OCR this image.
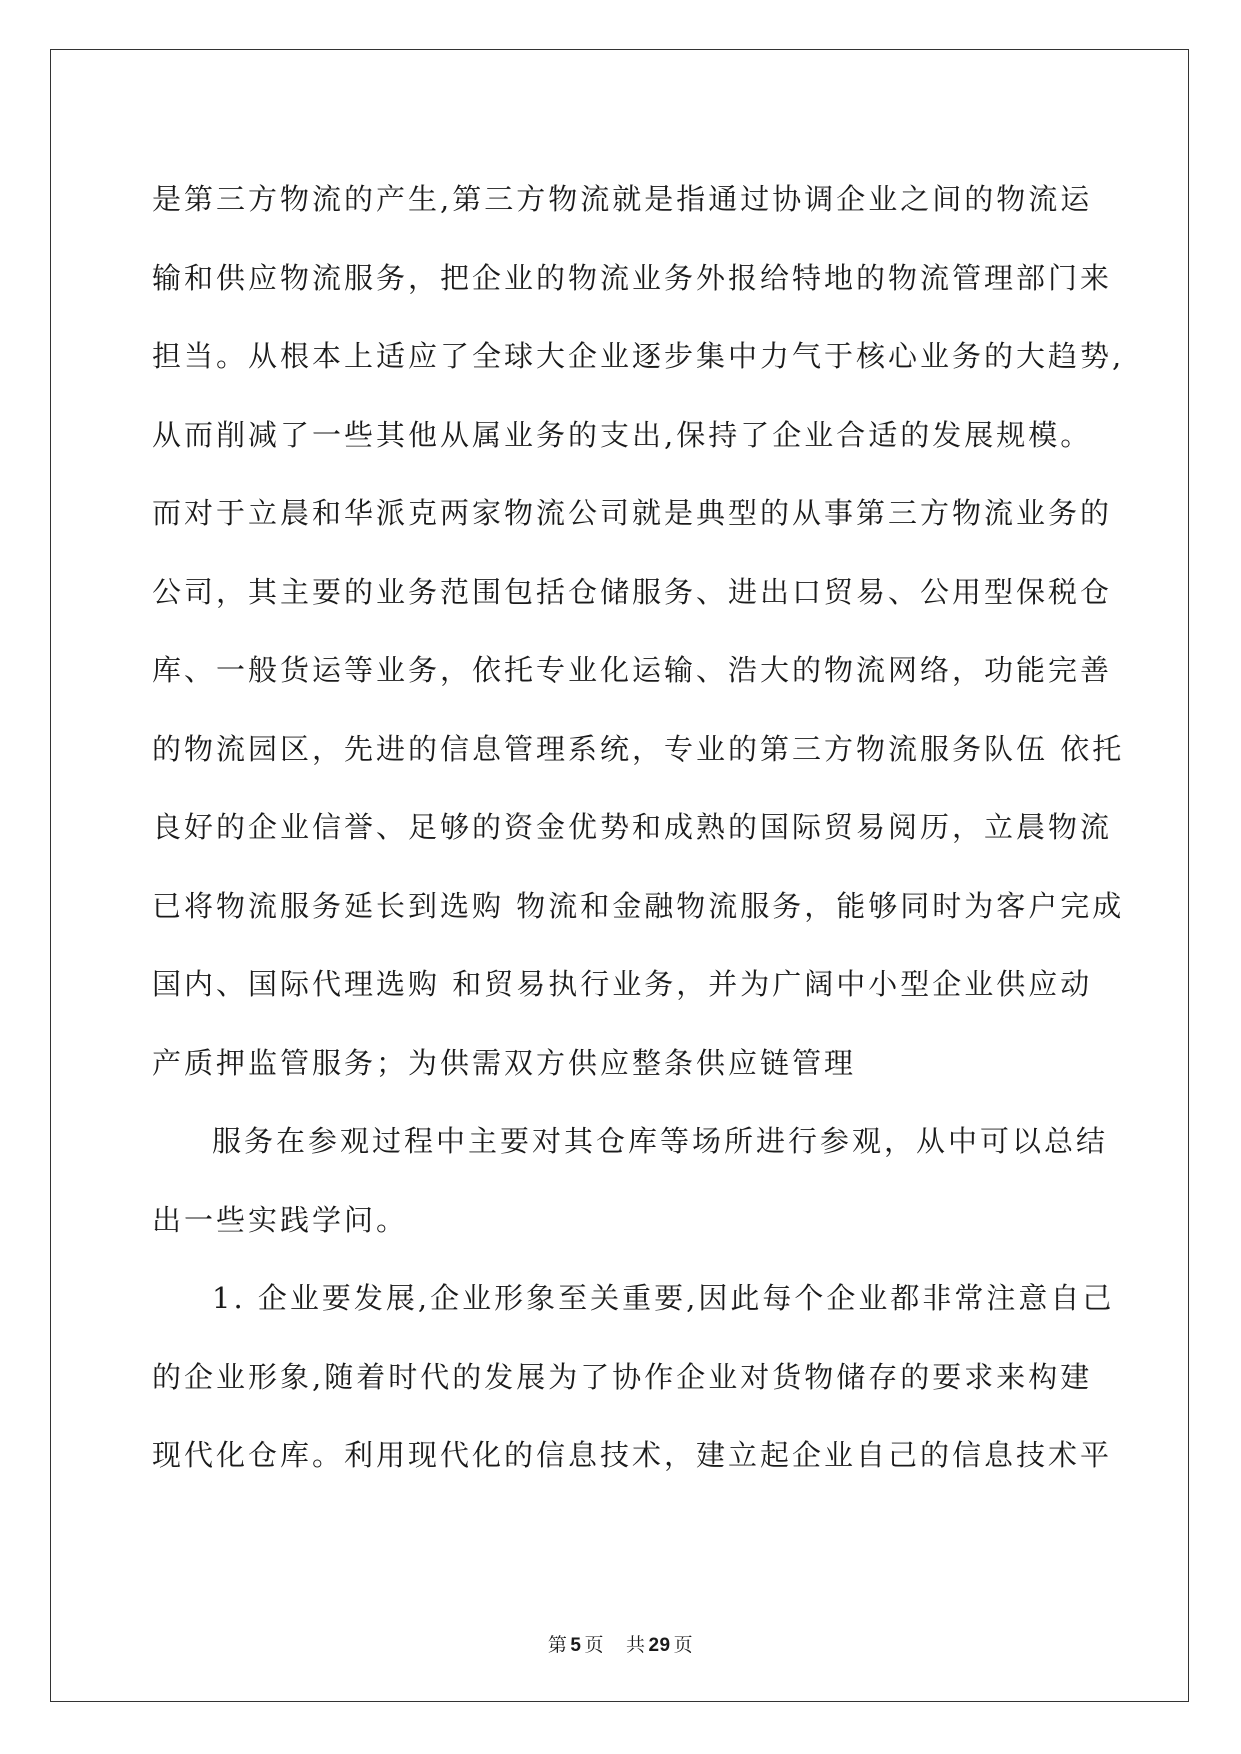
是第三方物流的产生,第三方物流就是指通过协调企业之间的物流运
输和供应物流服务，把企业的物流业务外报给特地的物流管理部门来
担当。从根本上适应了全球大企业逐步集中力气于核心业务的大趋势,
从而削减了一些其他从属业务的支出,保持了企业合适的发展规模。
而对于立晨和华派克两家物流公司就是典型的从事第三方物流业务的
公司，其主要的业务范围包括仓储服务、进出口贸易、公用型保税仓
库、一般货运等业务，依托专业化运输、浩大的物流网络，功能完善
的物流园区，先进的信息管理系统，专业的第三方物流服务队伍 依托
良好的企业信誉、足够的资金优势和成熟的国际贸易阅历，立晨物流
已将物流服务延长到选购 物流和金融物流服务，能够同时为客户完成
国内、国际代理选购 和贸易执行业务，并为广阔中小型企业供应动
产质押监管服务；为供需双方供应整条供应链管理
服务在参观过程中主要对其仓库等场所进行参观，从中可以总结
出一些实践学问。
1. 企业要发展,企业形象至关重要,因此每个企业都非常注意自己
的企业形象,随着时代的发展为了协作企业对货物储存的要求来构建
现代化仓库。利用现代化的信息技术，建立起企业自己的信息技术平
第 5 页 共 29 页
